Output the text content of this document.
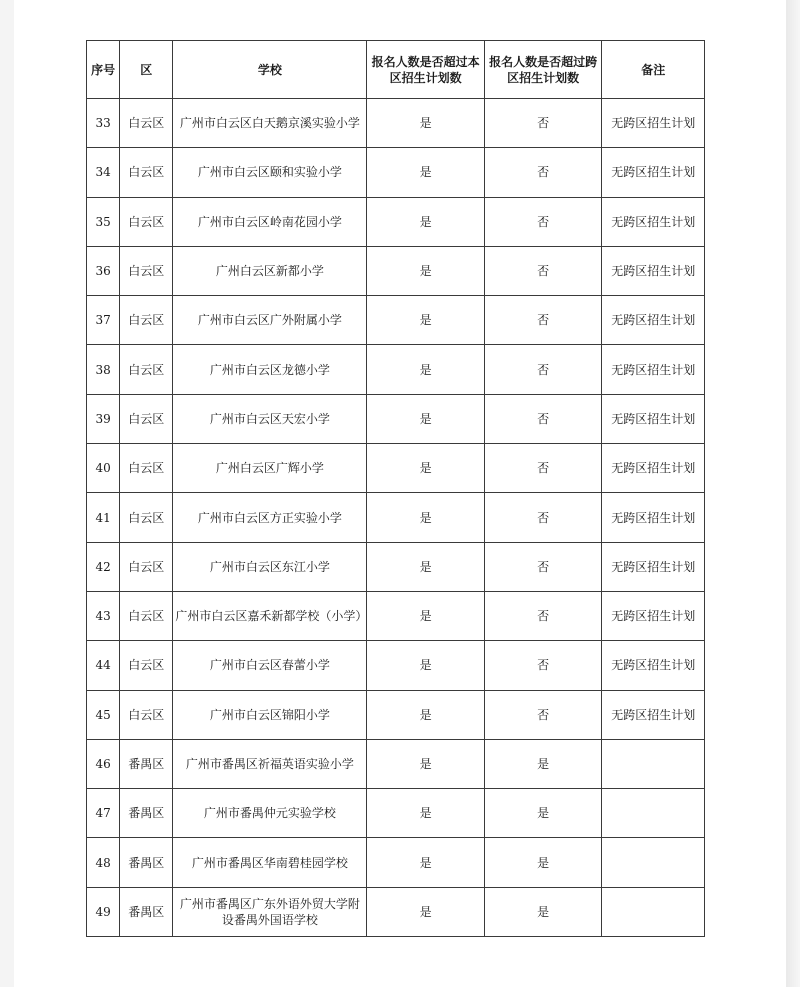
序号	区	学校	报名人数是否超过本区招生计划数	报名人数是否超过跨区招生计划数	备注
33	白云区	广州市白云区白天鹅京溪实验小学	是	否	无跨区招生计划
34	白云区	广州市白云区颐和实验小学	是	否	无跨区招生计划
35	白云区	广州市白云区岭南花园小学	是	否	无跨区招生计划
36	白云区	广州白云区新都小学	是	否	无跨区招生计划
37	白云区	广州市白云区广外附属小学	是	否	无跨区招生计划
38	白云区	广州市白云区龙德小学	是	否	无跨区招生计划
39	白云区	广州市白云区天宏小学	是	否	无跨区招生计划
40	白云区	广州白云区广辉小学	是	否	无跨区招生计划
41	白云区	广州市白云区方正实验小学	是	否	无跨区招生计划
42	白云区	广州市白云区东江小学	是	否	无跨区招生计划
43	白云区	广州市白云区嘉禾新都学校（小学）	是	否	无跨区招生计划
44	白云区	广州市白云区春蕾小学	是	否	无跨区招生计划
45	白云区	广州市白云区锦阳小学	是	否	无跨区招生计划
46	番禺区	广州市番禺区祈福英语实验小学	是	是	
47	番禺区	广州市番禺仲元实验学校	是	是	
48	番禺区	广州市番禺区华南碧桂园学校	是	是	
49	番禺区	广州市番禺区广东外语外贸大学附设番禺外国语学校	是	是	
